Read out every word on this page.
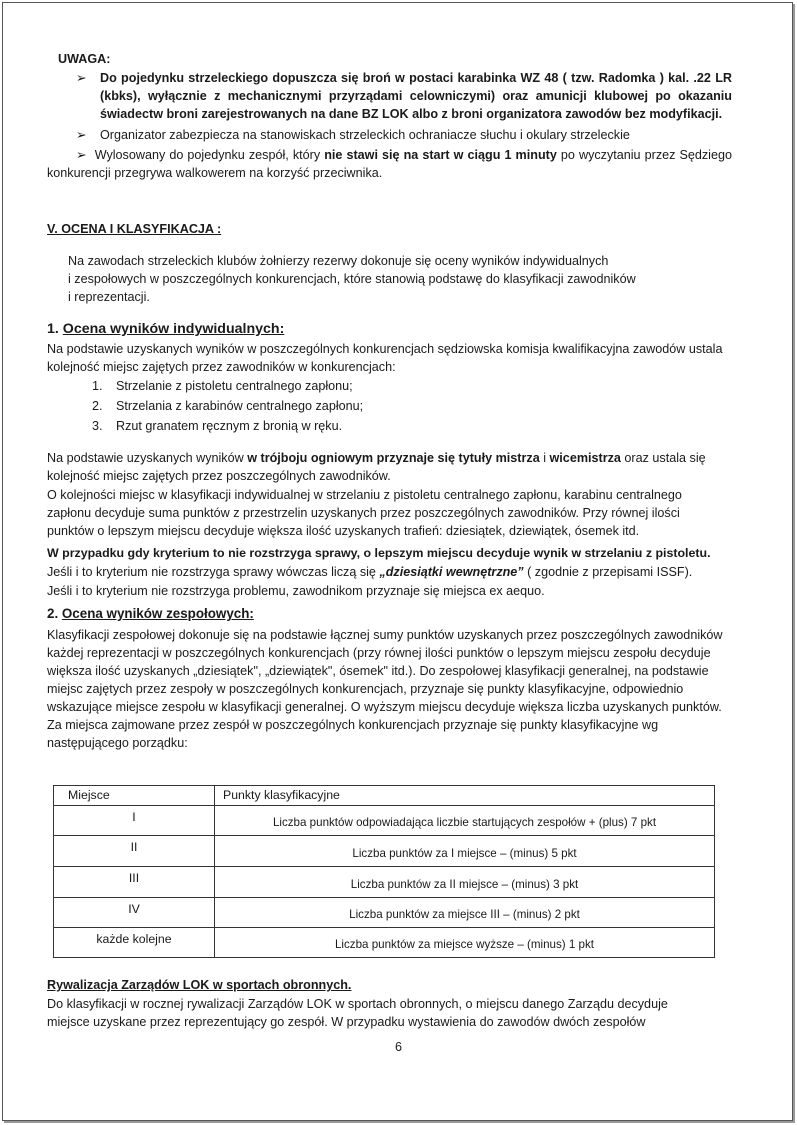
UWAGA:
➢	Do pojedynku strzeleckiego dopuszcza się broń w postaci karabinka WZ 48 ( tzw. Radomka ) kal. .22 LR (kbks), wyłącznie z mechanicznymi przyrządami celowniczymi) oraz amunicji klubowej po okazaniu świadectw broni zarejestrowanych na dane BZ LOK albo z broni organizatora zawodów bez modyfikacji.
➢	Organizator zabezpiecza na stanowiskach strzeleckich ochraniacze słuchu i okulary strzeleckie
➢ Wylosowany do pojedynku zespół, który nie stawi się na start w ciągu 1 minuty po wyczytaniu przez Sędziego konkurencji przegrywa walkowerem na korzyść przeciwnika.
V. OCENA I KLASYFIKACJA :
Na zawodach strzeleckich klubów żołnierzy rezerwy dokonuje się oceny wyników indywidualnych
i zespołowych w poszczególnych konkurencjach, które stanowią podstawę do klasyfikacji zawodników
i reprezentacji.
1. Ocena wyników indywidualnych:
Na podstawie uzyskanych wyników w poszczególnych konkurencjach sędziowska komisja kwalifikacyjna zawodów ustala kolejność miejsc zajętych przez zawodników w konkurencjach:
1. Strzelanie z pistoletu centralnego zapłonu;
2. Strzelania z karabinów centralnego zapłonu;
3. Rzut granatem ręcznym z bronią w ręku.
Na podstawie uzyskanych wyników w trójboju ogniowym przyznaje się tytuły mistrza i wicemistrza oraz ustala się kolejność miejsc zajętych przez poszczególnych zawodników.
O kolejności miejsc w klasyfikacji indywidualnej w strzelaniu z pistoletu centralnego zapłonu, karabinu centralnego zapłonu decyduje suma punktów z przestrzelin uzyskanych przez poszczególnych zawodników. Przy równej ilości punktów o lepszym miejscu decyduje większa ilość uzyskanych trafień: dziesiątek, dziewiątek, ósemek itd.
W przypadku gdy kryterium to nie rozstrzyga sprawy, o lepszym miejscu decyduje wynik w strzelaniu z pistoletu.
Jeśli i to kryterium nie rozstrzyga sprawy wówczas liczą się „dziesiątki wewnętrzne” ( zgodnie z przepisami ISSF).
Jeśli i to kryterium nie rozstrzyga problemu, zawodnikom przyznaje się miejsca ex aequo.
2. Ocena wyników zespołowych:
Klasyfikacji zespołowej dokonuje się na podstawie łącznej sumy punktów uzyskanych przez poszczególnych zawodników każdej reprezentacji w poszczególnych konkurencjach (przy równej ilości punktów o lepszym miejscu zespołu decyduje większa ilość uzyskanych „dziesiątek", „dziewiątek", ósemek" itd.). Do zespołowej klasyfikacji generalnej, na podstawie miejsc zajętych przez zespoły w poszczególnych konkurencjach, przyznaje się punkty klasyfikacyjne, odpowiednio wskazujące miejsce zespołu w klasyfikacji generalnej. O wyższym miejscu decyduje większa liczba uzyskanych punktów. Za miejsca zajmowane przez zespół w poszczególnych konkurencjach przyznaje się punkty klasyfikacyjne wg następującego porządku:
Miejsce	Punkty klasyfikacyjne
I	Liczba punktów odpowiadająca liczbie startujących zespołów + (plus) 7 pkt
II	Liczba punktów za I miejsce – (minus) 5 pkt
III	Liczba punktów za II miejsce – (minus) 3 pkt
IV	Liczba punktów za miejsce III – (minus) 2 pkt
każde kolejne	Liczba punktów za miejsce wyższe – (minus) 1 pkt
Rywalizacja Zarządów LOK w sportach obronnych.
Do klasyfikacji w rocznej rywalizacji Zarządów LOK w sportach obronnych, o miejscu danego Zarządu decyduje
miejsce uzyskane przez reprezentujący go zespół. W przypadku wystawienia do zawodów dwóch zespołów
6
